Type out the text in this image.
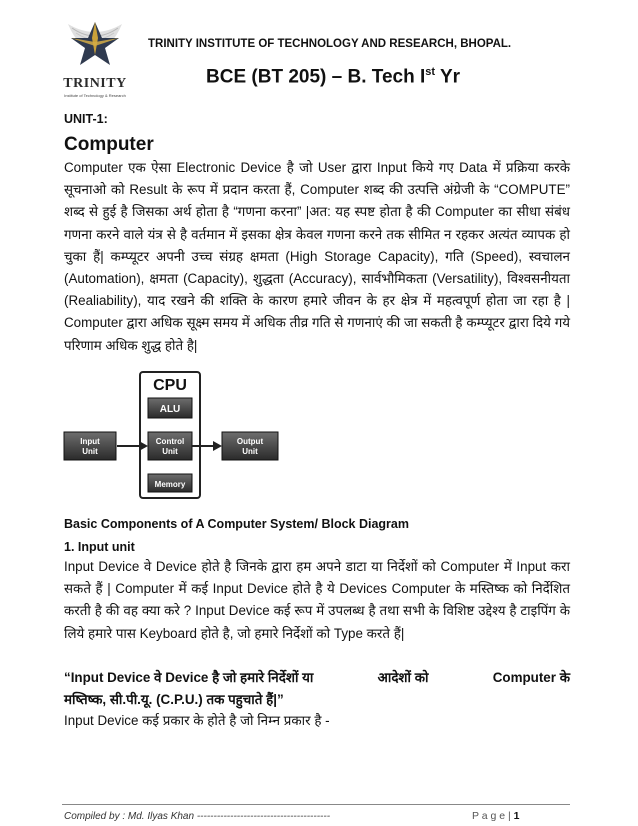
TRINITY
Institute of Technology & Research
TRINITY INSTITUTE OF TECHNOLOGY AND RESEARCH, BHOPAL.
BCE (BT 205) – B. Tech Ist Yr
UNIT-1:
Computer
Computer एक ऐसा Electronic Device है जो User द्वारा Input किये गए Data में प्रक्रिया करके सूचनाओ को Result के रूप में प्रदान करता हैं, Computer शब्द की उत्पत्ति अंग्रेजी के “COMPUTE” शब्द से हुई है जिसका अर्थ होता है “गणना करना” |अत: यह स्पष्ट होता है की Computer का सीधा संबंध गणना करने वाले यंत्र से है वर्तमान में इसका क्षेत्र केवल गणना करने तक सीमित न रहकर अत्यंत व्यापक हो चुका हैं| कम्प्यूटर अपनी उच्च संग्रह क्षमता (High Storage Capacity), गति (Speed), स्वचालन (Automation), क्षमता (Capacity), शुद्धता (Accuracy), सार्वभौमिकता (Versatility), विश्वसनीयता (Realiability), याद रखने की शक्ति के कारण हमारे जीवन के हर क्षेत्र में महत्वपूर्ण होता जा रहा है | Computer द्वारा अधिक सूक्ष्म समय में अधिक तीव्र गति से गणनाएं की जा सकती है कम्प्यूटर द्वारा दिये गये परिणाम अधिक शुद्ध होते है|
CPU
ALU
Control
Unit
Memory
Input
Unit
Output
Unit
Basic Components of A Computer System/ Block Diagram
1. Input unit
Input Device वे Device होते है जिनके द्वारा हम अपने डाटा या निर्देशों को Computer में Input करा सकते हैं | Computer में कई Input Device होते है ये Devices Computer के मस्तिष्क को निर्देशित करती है की वह क्या करे ? Input Device कई रूप में उपलब्ध है तथा सभी के विशिष्ट उद्देश्य है टाइपिंग के लिये हमारे पास Keyboard होते है, जो हमारे निर्देशों को Type करते हैं|
“Input Device वे Device है जो हमारे निर्देशों या	आदेशों को	Computer के
मष्तिष्क, सी.पी.यू. (C.P.U.) तक पहुचाते हैं|”
Input Device कई प्रकार के होते है जो निम्न प्रकार है -
Compiled by : Md. Ilyas Khan ----------------------------------------	P a g e | 1
